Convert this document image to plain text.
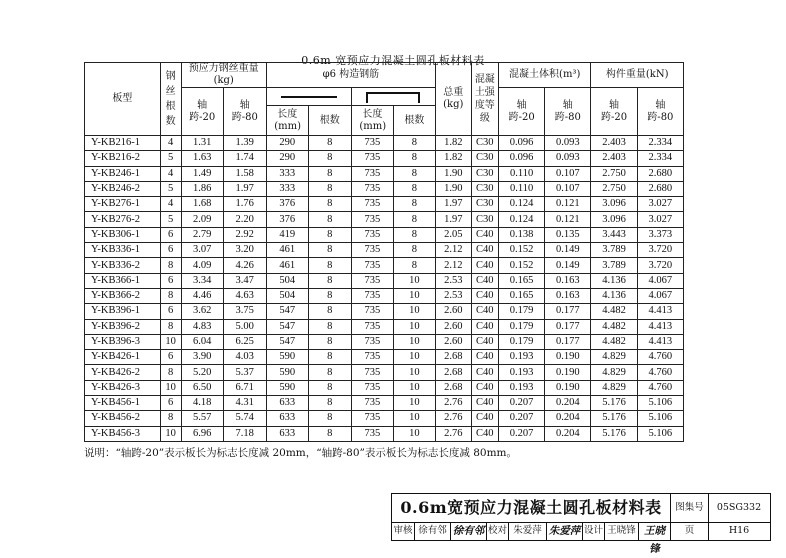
0.6m 宽预应力混凝土圆孔板材料表
板型	钢丝根数	预应力钢丝重量(kg)		φ6 构造钢筋				总重(kg)	混凝土强度等级	混凝土体积(m³)		构件重量(kN)	

		轴跨-20	轴跨-80							轴跨-20	轴跨-80	轴跨-20	轴跨-80

				长度(mm)	根数	长度(mm)	根数						
Y-KB216-1	4	1.31	1.39	290	8	735	8	1.82	C30	0.096	0.093	2.403	2.334
Y-KB216-2	5	1.63	1.74	290	8	735	8	1.82	C30	0.096	0.093	2.403	2.334
Y-KB246-1	4	1.49	1.58	333	8	735	8	1.90	C30	0.110	0.107	2.750	2.680
Y-KB246-2	5	1.86	1.97	333	8	735	8	1.90	C30	0.110	0.107	2.750	2.680
Y-KB276-1	4	1.68	1.76	376	8	735	8	1.97	C30	0.124	0.121	3.096	3.027
Y-KB276-2	5	2.09	2.20	376	8	735	8	1.97	C30	0.124	0.121	3.096	3.027
Y-KB306-1	6	2.79	2.92	419	8	735	8	2.05	C40	0.138	0.135	3.443	3.373
Y-KB336-1	6	3.07	3.20	461	8	735	8	2.12	C40	0.152	0.149	3.789	3.720
Y-KB336-2	8	4.09	4.26	461	8	735	8	2.12	C40	0.152	0.149	3.789	3.720
Y-KB366-1	6	3.34	3.47	504	8	735	10	2.53	C40	0.165	0.163	4.136	4.067
Y-KB366-2	8	4.46	4.63	504	8	735	10	2.53	C40	0.165	0.163	4.136	4.067
Y-KB396-1	6	3.62	3.75	547	8	735	10	2.60	C40	0.179	0.177	4.482	4.413
Y-KB396-2	8	4.83	5.00	547	8	735	10	2.60	C40	0.179	0.177	4.482	4.413
Y-KB396-3	10	6.04	6.25	547	8	735	10	2.60	C40	0.179	0.177	4.482	4.413
Y-KB426-1	6	3.90	4.03	590	8	735	10	2.68	C40	0.193	0.190	4.829	4.760
Y-KB426-2	8	5.20	5.37	590	8	735	10	2.68	C40	0.193	0.190	4.829	4.760
Y-KB426-3	10	6.50	6.71	590	8	735	10	2.68	C40	0.193	0.190	4.829	4.760
Y-KB456-1	6	4.18	4.31	633	8	735	10	2.76	C40	0.207	0.204	5.176	5.106
Y-KB456-2	8	5.57	5.74	633	8	735	10	2.76	C40	0.207	0.204	5.176	5.106
Y-KB456-3	10	6.96	7.18	633	8	735	10	2.76	C40	0.207	0.204	5.176	5.106
说明：“轴跨-20”表示板长为标志长度减 20mm，“轴跨-80”表示板长为标志长度减 80mm。
0.6m宽预应力混凝土圆孔板材料表	图集号	05SG332
审核 徐有邻 徐有邻 校对 朱爱萍 朱爱萍 设计 王晓锋 王晓锋
页	H16
